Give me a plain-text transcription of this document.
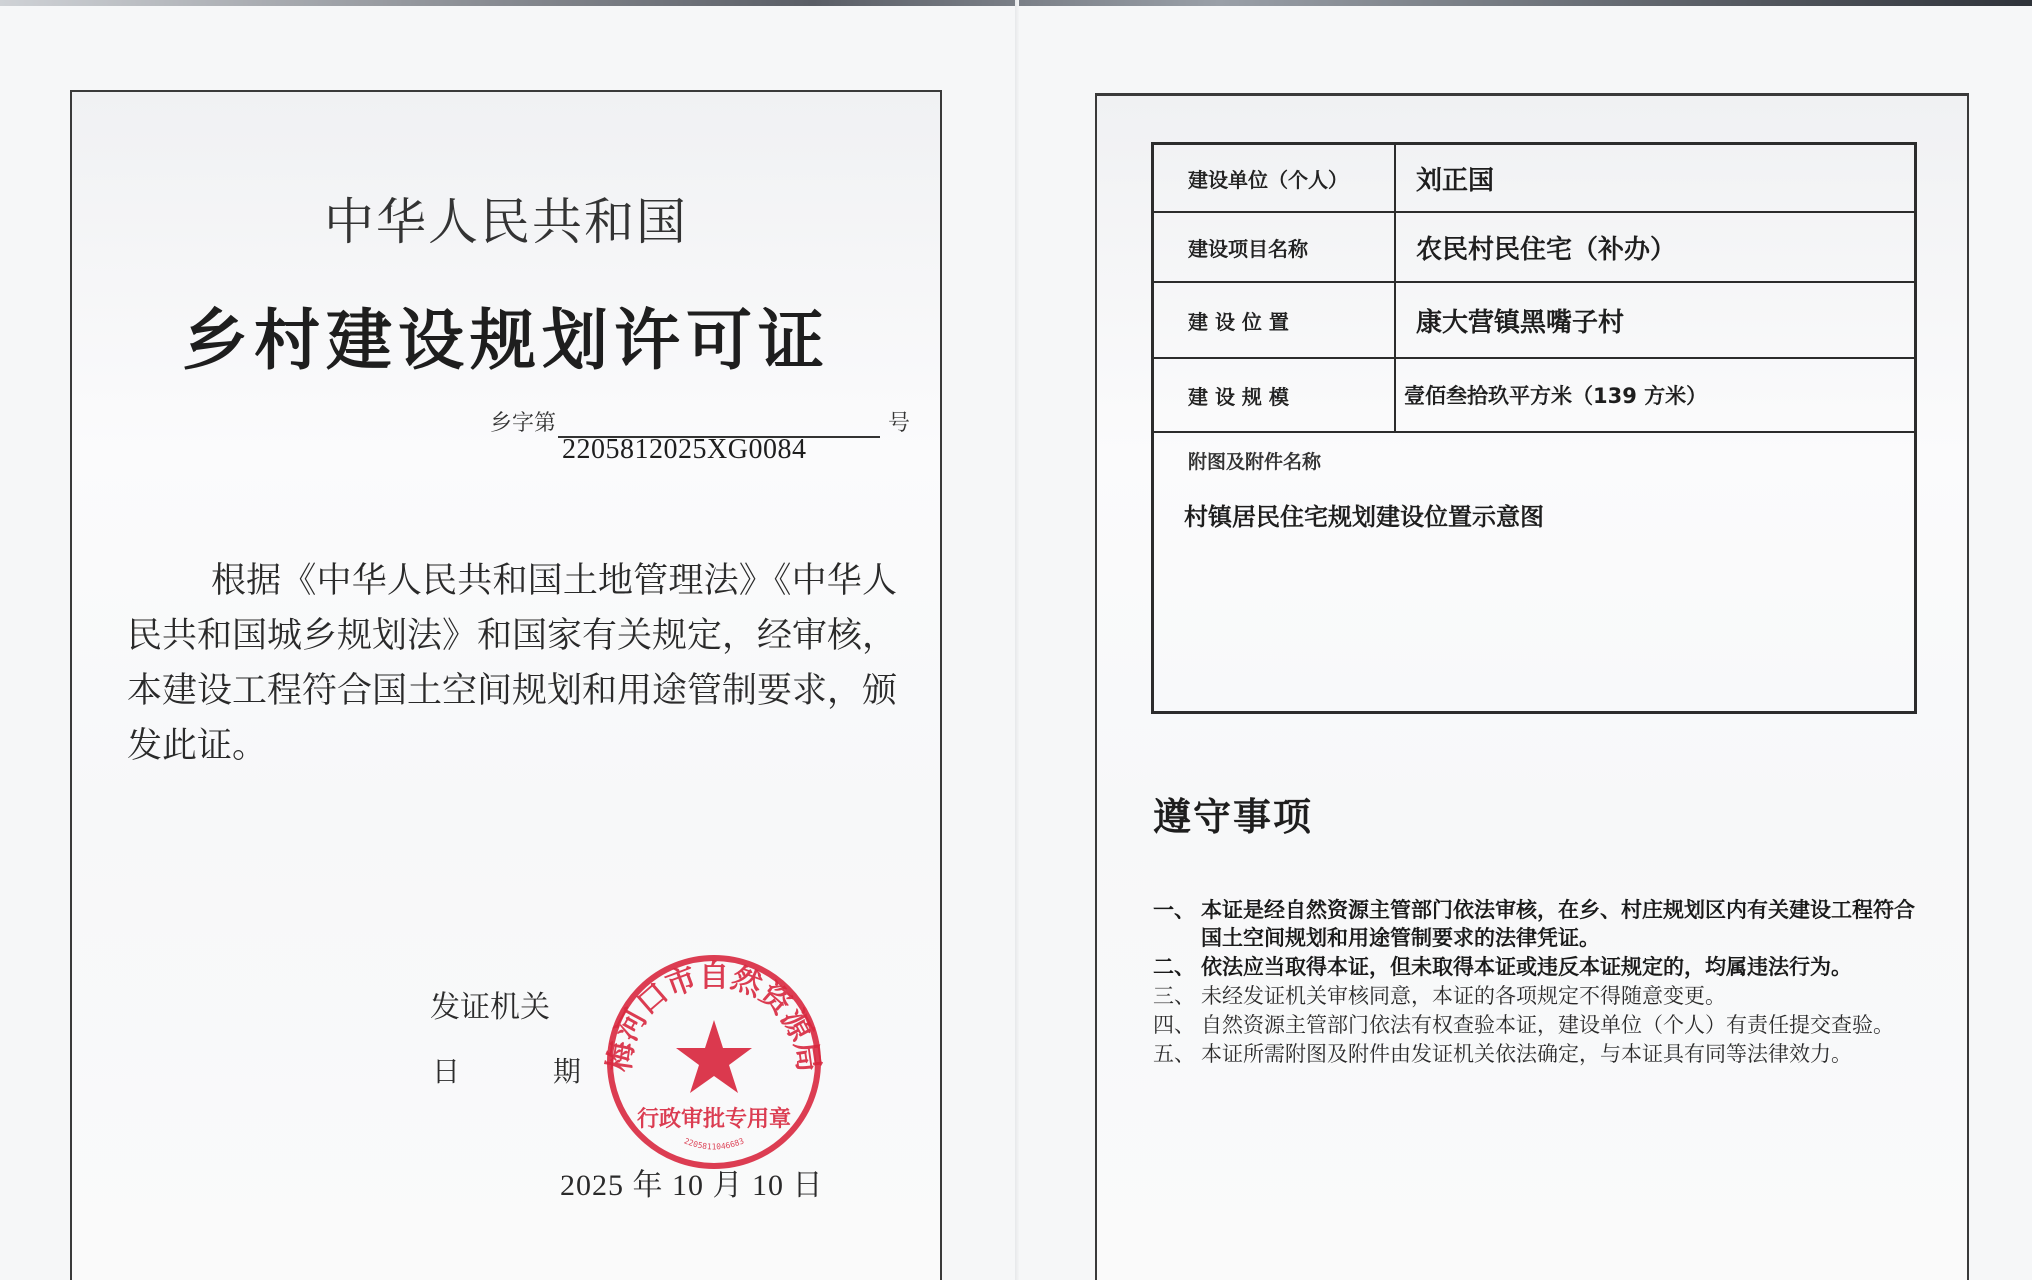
中华人民共和国
乡村建设规划许可证
乡字第	号
2205812025XG0084
根据《中华人民共和国土地管理法》《中华人民共和国城乡规划法》和国家有关规定，经审核，本建设工程符合国土空间规划和用途管制要求，颁发此证。
发证机关
日 期
梅河口市自然资源局
行政审批专用章
2205811046683
2025 年 10 月 10 日
建设单位（个人）	刘正国
建设项目名称	农民村民住宅（补办）
建 设 位 置	康大营镇黑嘴子村
建 设 规 模	壹佰叁拾玖平方米（139 方米）
附图及附件名称
村镇居民住宅规划建设位置示意图
遵守事项
一、 本证是经自然资源主管部门依法审核，在乡、村庄规划区内有关建设工程符合国土空间规划和用途管制要求的法律凭证。
二、 依法应当取得本证，但未取得本证或违反本证规定的，均属违法行为。
三、 未经发证机关审核同意，本证的各项规定不得随意变更。
四、 自然资源主管部门依法有权查验本证，建设单位（个人）有责任提交查验。
五、 本证所需附图及附件由发证机关依法确定，与本证具有同等法律效力。
